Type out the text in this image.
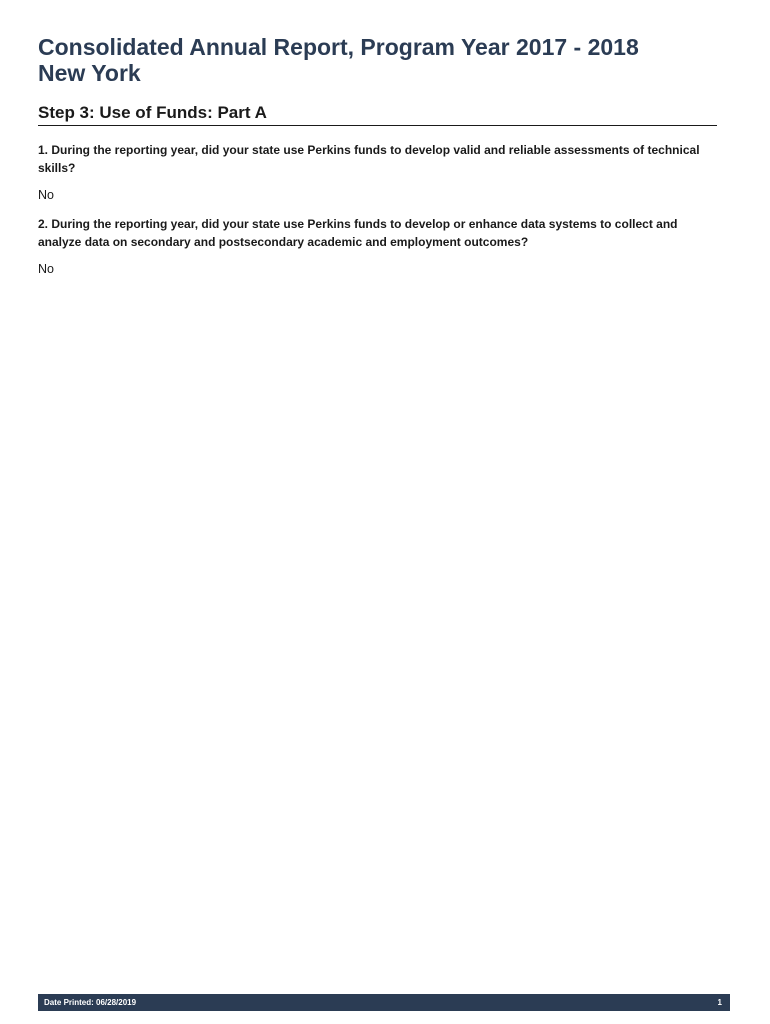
Consolidated Annual Report, Program Year 2017 - 2018
New York
Step 3: Use of Funds: Part A

1. During the reporting year, did your state use Perkins funds to develop valid and reliable assessments of technical skills?

No

2. During the reporting year, did your state use Perkins funds to develop or enhance data systems to collect and analyze data on secondary and postsecondary academic and employment outcomes?

No

Date Printed: 06/28/2019	1
